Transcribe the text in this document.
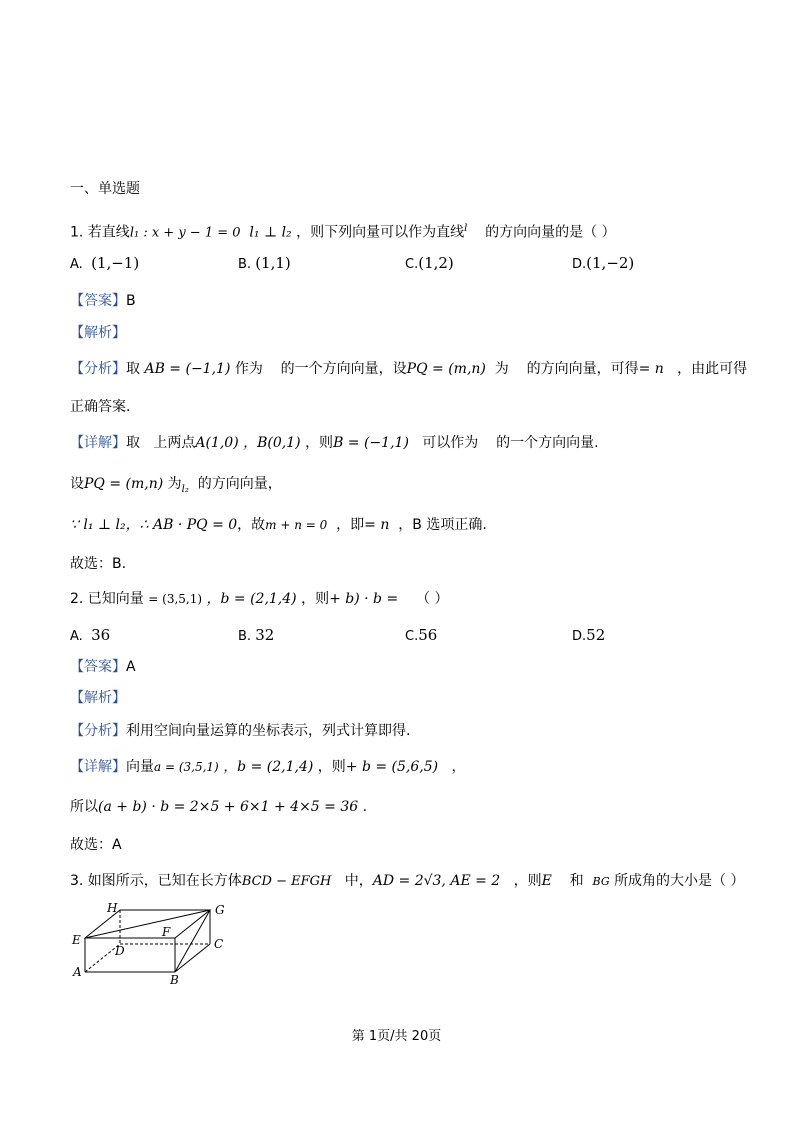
一、单选题
1. 若直线l₁ : x + y − 1 = 0 l₁ ⊥ l₂ ，则下列向量可以作为直线$^l$ 的方向向量的是（ ）
A. (1,−1)	B. (1,1)	C.(1,2)	D.(1,−2)
【答案】B
【解析】
【分析】取 AB = (−1,1) 作为 的一个方向向量，设PQ = (m,n) 为 的方向向量，可得= n ，由此可得
正确答案.
【详解】取 上两点A(1,0) ，B(0,1) ，则B = (−1,1) 可以作为 的一个方向向量.
设PQ = (m,n) 为$_{l_2}$ 的方向向量，
∵ l₁ ⊥ l₂，∴ AB · PQ = 0，故m + n = 0 ，即= n ，B 选项正确.
故选：B.
2. 已知向量 = (3,5,1) ，b = (2,1,4) ，则+ b) · b = （ ）
A. 36	B. 32	C.56	D.52
【答案】A
【解析】
【分析】利用空间向量运算的坐标表示，列式计算即得.
【详解】向量a = (3,5,1) ，b = (2,1,4) ，则+ b = (5,6,5) ，
所以(a + b) · b = 2×5 + 6×1 + 4×5 = 36 .
故选：A
3. 如图所示，已知在长方体BCD − EFGH 中，AD = 2√3, AE = 2 ，则E 和 BG 所成角的大小是（ ）
H	G
E
F
D	C
A
B
第 1页/共 20页
